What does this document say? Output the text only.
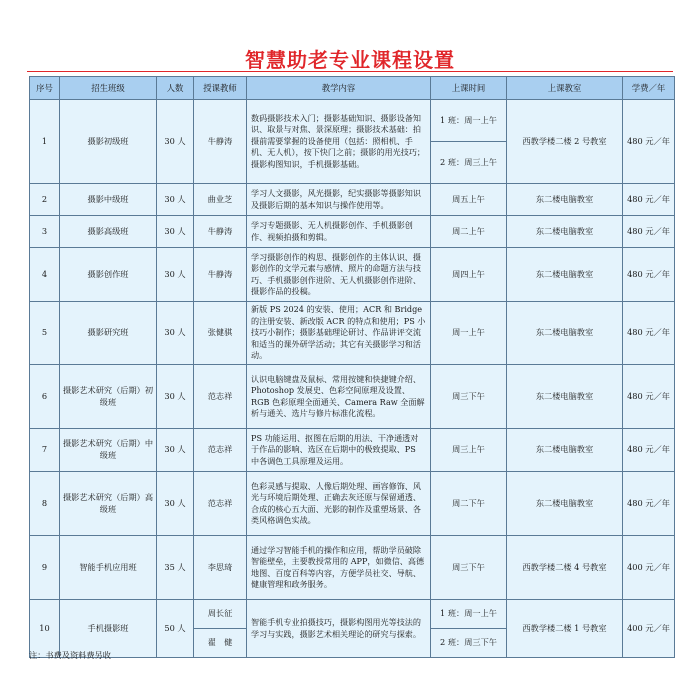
智慧助老专业课程设置
序号	招生班级	人数	授课教师	教学内容	上课时间	上课教室	学费／年
1	摄影初级班	30 人	牛静涛	数码摄影技术入门；摄影基础知识、摄影设备知识、取景与对焦、景深原理；摄影技术基础：拍摄前需要掌握的设备使用（包括：照相机、手机、无人机），按下快门之前；摄影的用光技巧；摄影构图知识，手机摄影基础。	1 班：周一上午	西教学楼二楼 2 号教室	480 元／年
					2 班：周三上午		
2	摄影中级班	30 人	曲业芝	学习人文摄影，风光摄影，纪实摄影等摄影知识及摄影后期的基本知识与操作使用等。	周五上午	东二楼电脑教室	480 元／年
3	摄影高级班	30 人	牛静涛	学习专题摄影、无人机摄影创作、手机摄影创作、视频拍摄和剪辑。	周二上午	东二楼电脑教室	480 元／年
4	摄影创作班	30 人	牛静涛	学习摄影创作的构思、摄影创作的主体认识、摄影创作的文学元素与感情、照片的命题方法与技巧、手机摄影创作进阶、无人机摄影创作进阶、摄影作品的投稿。	周四上午	东二楼电脑教室	480 元／年
5	摄影研究班	30 人	张健骐	新版 PS 2024 的安装、使用；ACR 和 Bridge 的注册安装、新改版 ACR 的特点和使用；PS 小技巧小制作；摄影基础理论研讨、作品讲评交流和适当的课外研学活动；其它有关摄影学习和活动。	周一上午	东二楼电脑教室	480 元／年
6	摄影艺术研究（后期）初级班	30 人	范志祥	认识电脑键盘及鼠标、常用按键和快捷键介绍、Photoshop 发展史、色彩空间原理及设置、RGB 色彩原理全面通关、Camera Raw 全面解析与通关、选片与修片标准化流程。	周三下午	东二楼电脑教室	480 元／年
7	摄影艺术研究（后期）中级班	30 人	范志祥	PS 功能运用、抠图在后期的用法、干净通透对于作品的影响、选区在后期中的极致提取、PS 中各调色工具原理及运用。	周三上午	东二楼电脑教室	480 元／年
8	摄影艺术研究（后期）高级班	30 人	范志祥	色彩灵感与提取、人像后期处理、画容修饰、风光与环境后期处理、正确去灰还原与保留通透、合成的核心五大面、光影的制作及重塑场景、各类风格调色实战。	周二下午	东二楼电脑教室	480 元／年
9	智能手机应用班	35 人	李思琦	通过学习智能手机的操作和应用，帮助学员破除智能壁垒，主要教授常用的 APP，如微信、高德地图、百度百科等内容，方便学员社交、导航、健康管理和政务服务。	周三下午	西教学楼二楼 4 号教室	400 元／年
10	手机摄影班	50 人	周长征	智能手机专业拍摄技巧，摄影构图用光等技法的学习与实践，摄影艺术相关理论的研究与探索。	1 班：周一上午	西教学楼二楼 1 号教室	400 元／年
			翟　健		2 班：周三下午		
注：书费及资料费另收
